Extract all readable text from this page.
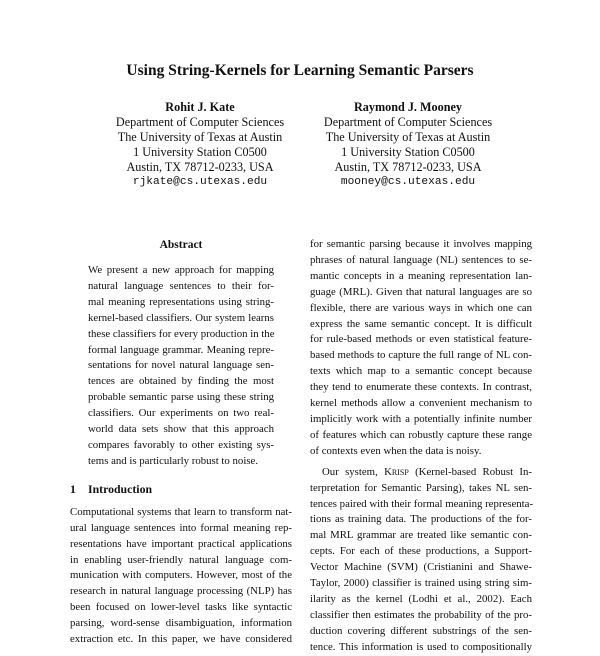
Using String-Kernels for Learning Semantic Parsers
Rohit J. Kate
Department of Computer Sciences
The University of Texas at Austin
1 University Station C0500
Austin, TX 78712-0233, USA
rjkate@cs.utexas.edu
Raymond J. Mooney
Department of Computer Sciences
The University of Texas at Austin
1 University Station C0500
Austin, TX 78712-0233, USA
mooney@cs.utexas.edu
Abstract
We present a new approach for mapping
natural language sentences to their for-
mal meaning representations using string-
kernel-based classifiers. Our system learns
these classifiers for every production in the
formal language grammar. Meaning repre-
sentations for novel natural language sen-
tences are obtained by finding the most
probable semantic parse using these string
classifiers. Our experiments on two real-
world data sets show that this approach
compares favorably to other existing sys-
tems and is particularly robust to noise.
1 Introduction
Computational systems that learn to transform nat-
ural language sentences into formal meaning rep-
resentations have important practical applications
in enabling user-friendly natural language com-
munication with computers. However, most of the
research in natural language processing (NLP) has
been focused on lower-level tasks like syntactic
parsing, word-sense disambiguation, information
extraction etc. In this paper, we have considered
for semantic parsing because it involves mapping
phrases of natural language (NL) sentences to se-
mantic concepts in a meaning representation lan-
guage (MRL). Given that natural languages are so
flexible, there are various ways in which one can
express the same semantic concept. It is difficult
for rule-based methods or even statistical feature-
based methods to capture the full range of NL con-
texts which map to a semantic concept because
they tend to enumerate these contexts. In contrast,
kernel methods allow a convenient mechanism to
implicitly work with a potentially infinite number
of features which can robustly capture these range
of contexts even when the data is noisy.
Our system, Krisp (Kernel-based Robust In-
terpretation for Semantic Parsing), takes NL sen-
tences paired with their formal meaning representa-
tions as training data. The productions of the for-
mal MRL grammar are treated like semantic con-
cepts. For each of these productions, a Support-
Vector Machine (SVM) (Cristianini and Shawe-
Taylor, 2000) classifier is trained using string sim-
ilarity as the kernel (Lodhi et al., 2002). Each
classifier then estimates the probability of the pro-
duction covering different substrings of the sen-
tence. This information is used to compositionally
